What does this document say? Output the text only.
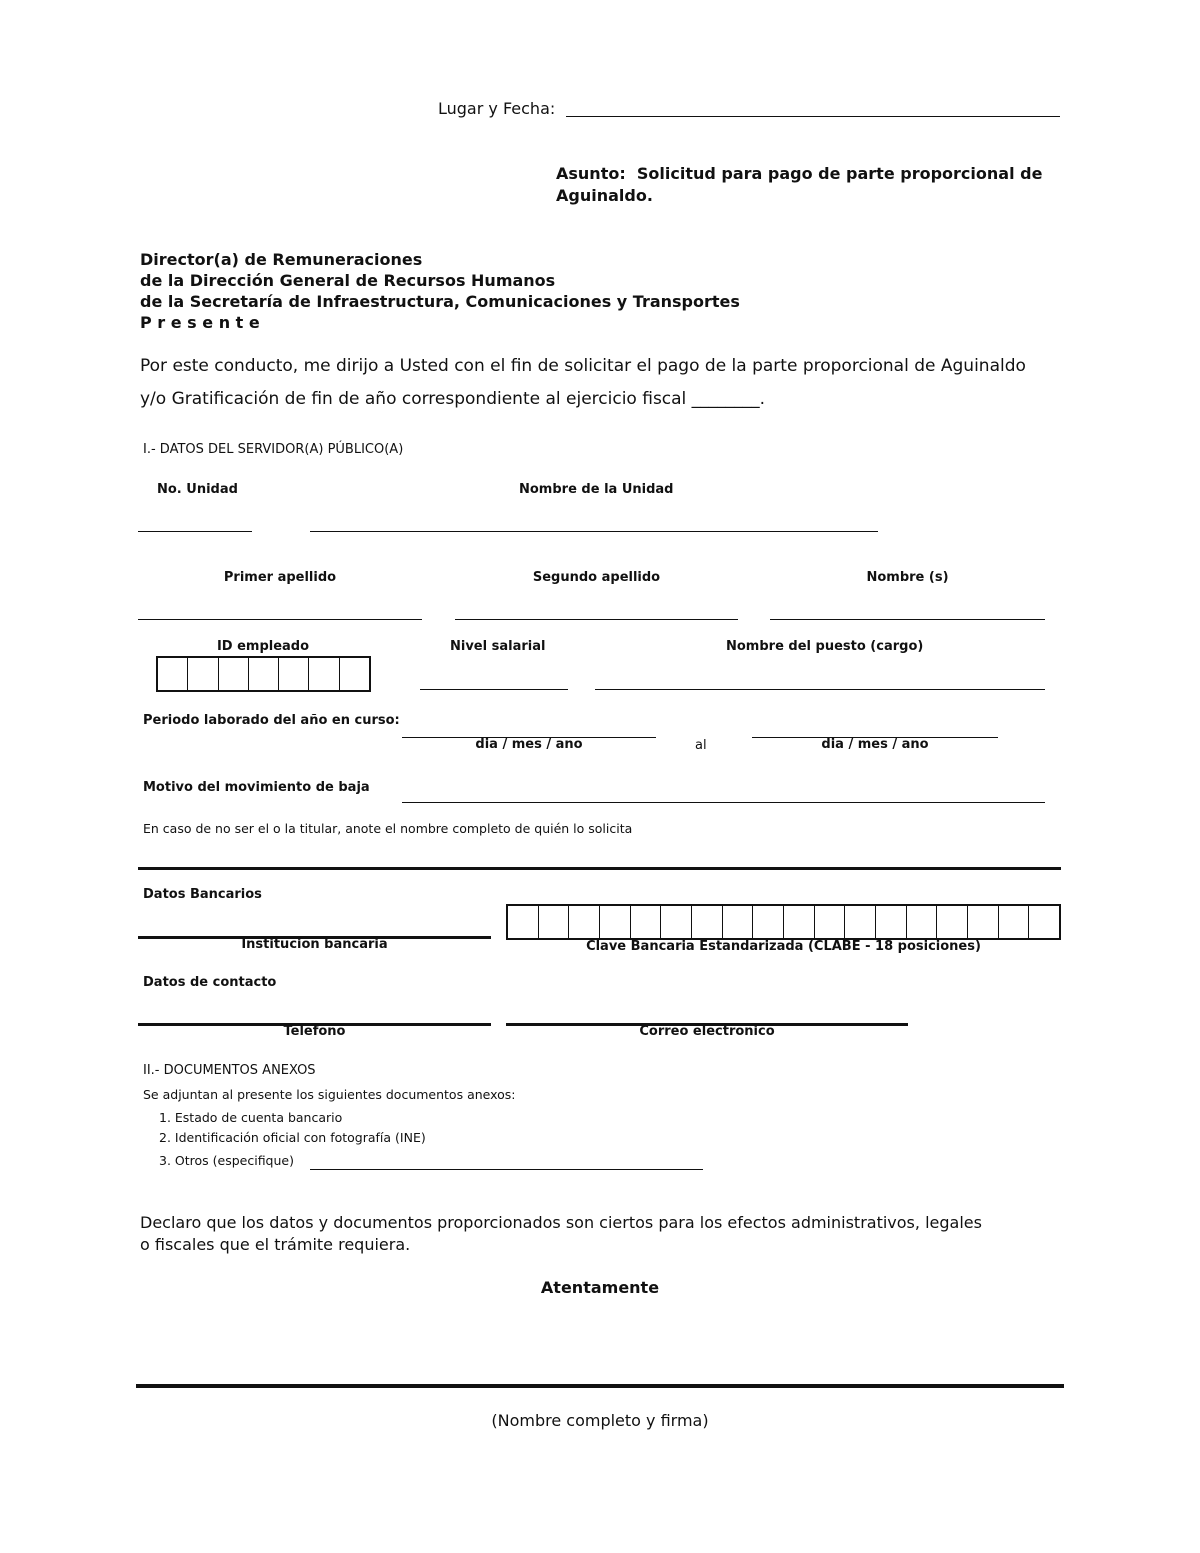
Lugar y Fecha:
Asunto: Solicitud para pago de parte proporcional de
Aguinaldo.
Director(a) de Remuneraciones
de la Dirección General de Recursos Humanos
de la Secretaría de Infraestructura, Comunicaciones y Transportes
P r e s e n t e
Por este conducto, me dirijo a Usted con el fin de solicitar el pago de la parte proporcional de Aguinaldo
y/o Gratificación de fin de año correspondiente al ejercicio fiscal ________.
I.- DATOS DEL SERVIDOR(A) PÚBLICO(A)
No. Unidad	Nombre de la Unidad
Primer apellido	Segundo apellido	Nombre (s)
ID empleado	Nivel salarial	Nombre del puesto (cargo)
Periodo laborado del año en curso:
dia / mes / ano	al	dia / mes / ano
Motivo del movimiento de baja
En caso de no ser el o la titular, anote el nombre completo de quién lo solicita
Datos Bancarios
Institucion bancaria	Clave Bancaria Estandarizada (CLABE - 18 posiciones)
Datos de contacto
Telefono	Correo electronico
II.- DOCUMENTOS ANEXOS
Se adjuntan al presente los siguientes documentos anexos:
1. Estado de cuenta bancario
2. Identificación oficial con fotografía (INE)
3. Otros (especifique)
Declaro que los datos y documentos proporcionados son ciertos para los efectos administrativos, legales
o fiscales que el trámite requiera.
Atentamente
(Nombre completo y firma)
